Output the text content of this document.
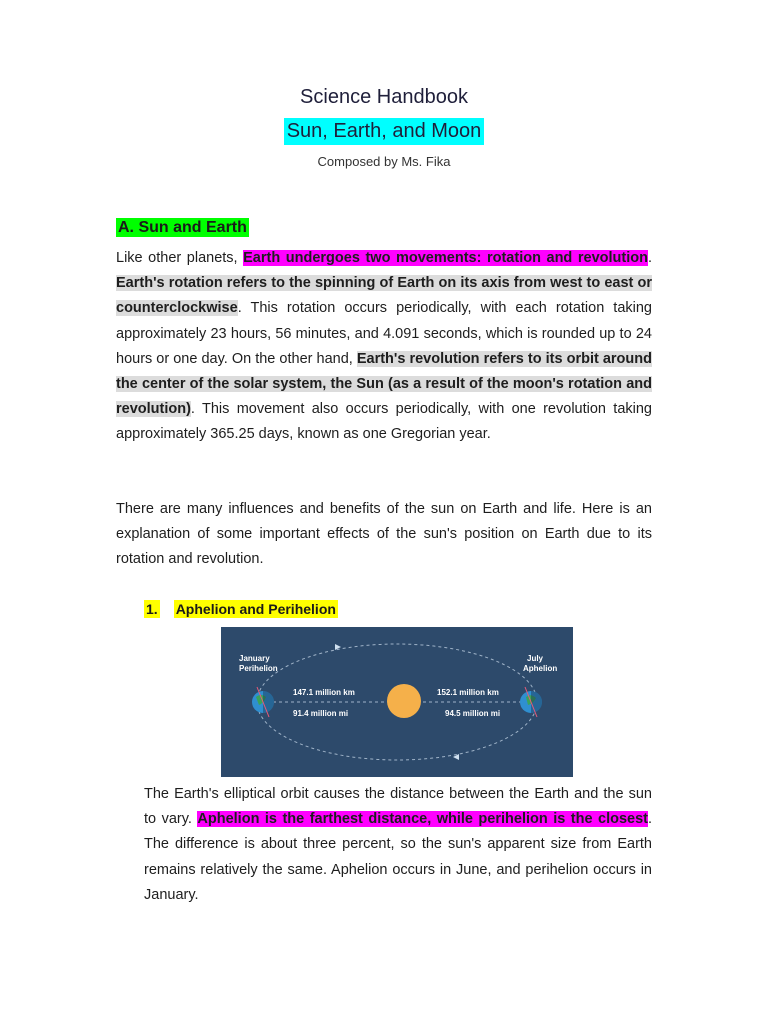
Science Handbook
Sun, Earth, and Moon
Composed by Ms. Fika
A. Sun and Earth
Like other planets, Earth undergoes two movements: rotation and revolution. Earth's rotation refers to the spinning of Earth on its axis from west to east or counterclockwise. This rotation occurs periodically, with each rotation taking approximately 23 hours, 56 minutes, and 4.091 seconds, which is rounded up to 24 hours or one day. On the other hand, Earth's revolution refers to its orbit around the center of the solar system, the Sun (as a result of the moon's rotation and revolution). This movement also occurs periodically, with one revolution taking approximately 365.25 days, known as one Gregorian year.
There are many influences and benefits of the sun on Earth and life. Here is an explanation of some important effects of the sun's position on Earth due to its rotation and revolution.
1. Aphelion and Perihelion
January
Perihelion
July
Aphelion
147.1 million km
91.4 million mi
152.1 million km
94.5 million mi
The Earth's elliptical orbit causes the distance between the Earth and the sun to vary. Aphelion is the farthest distance, while perihelion is the closest. The difference is about three percent, so the sun's apparent size from Earth remains relatively the same. Aphelion occurs in June, and perihelion occurs in January.
